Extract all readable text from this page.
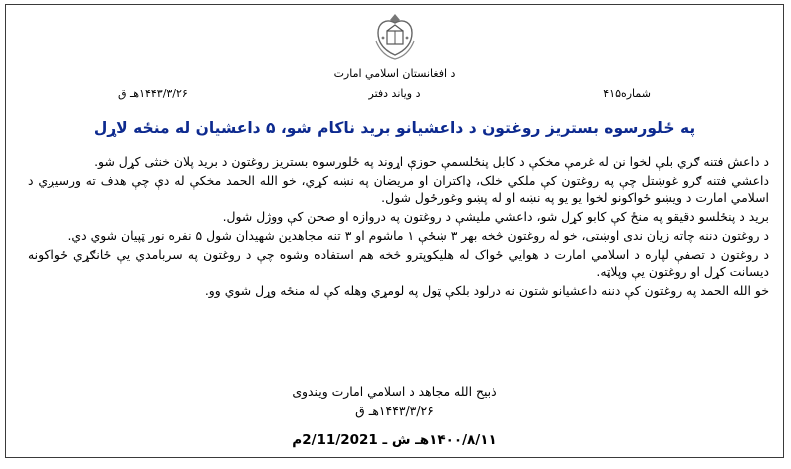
د افغانستان اسلامي امارت
شماره۴۱۵
د ویاند دفتر
۱۴۴۳/۳/۲۶هـ ق
په ځلورسوه بستریز روغتون د داعشیانو برید ناکام شو، ۵ داعشیان له منځه لاړل

د داعش فتنه ګري بلې لخوا نن له غرمې مخکې د کابل پنځلسمې حوزې اړوند په ځلورسوه بستریز روغتون د برید پلان خنثی کړل شو.

داعشي فتنه ګرو غوښتل چې په روغتون کې ملکي خلک، ډاکتران او مریضان په نښه کړي، خو الله الحمد مخکې له دې چې هدف ته ورسیږي د اسلامي امارت د ویښو ځواکونو لخوا یو یو په نښه او له پښو وغورځول شول.

برید د پنځلسو دقیقو په منځ کې کابو کړل شو، داعشي ملیشې د روغتون په دروازه او صحن کې ووژل شول.

د روغتون دننه چاته زیان ندی اوښتی، خو له روغتون څخه بهر ۳ ښځې ۱ ماشوم او ۳ تنه مجاهدین شهیدان شول ۵ نفره نور ټپیان شوي دي.

د روغتون د تصفې لپاره د اسلامي امارت د هوایي ځواک له هلیکوپترو څخه هم استفاده وشوه چې د روغتون په سربامدي يې ځانګړي ځواکونه دیسانت کړل او روغتون یې وپلاټه.

خو الله الحمد په روغتون کې دننه داعشیانو شتون نه درلود بلکې ټول په لومړي وهله کې له منځه وړل شوي وو.

ذبیح الله مجاهد د اسلامي امارت ویندوی
۱۴۴۳/۳/۲۶هـ ق
۱۴۰۰/۸/۱۱هـ ش ـ 2/11/2021م
